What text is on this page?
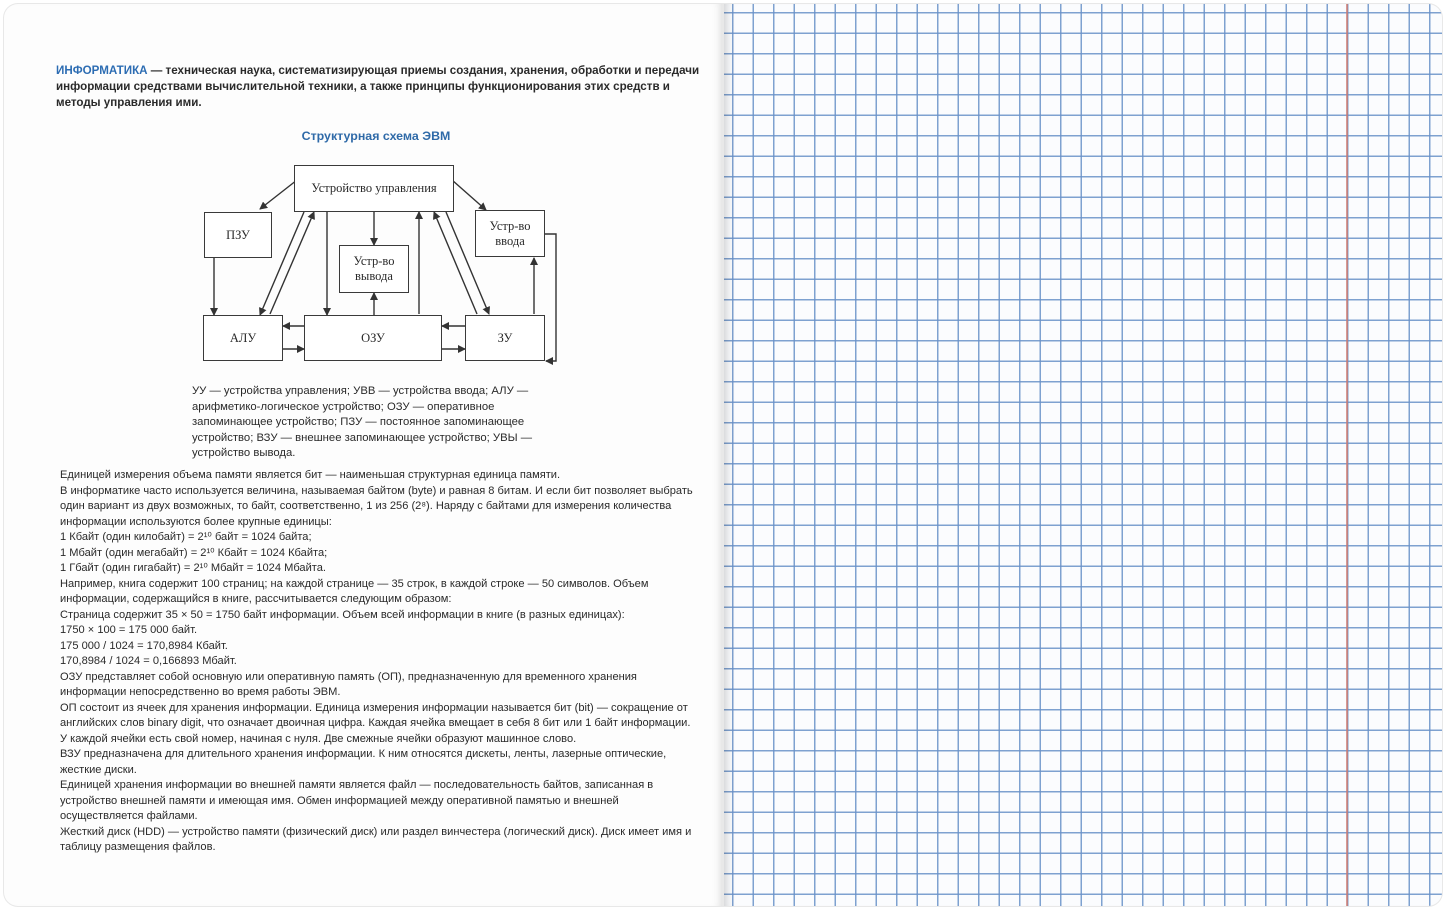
ИНФОРМАТИКА — техническая наука, систематизирующая приемы создания, хранения, обработки и передачи информации средствами вычислительной техники, а также принципы функционирования этих средств и методы управления ими.
Структурная схема ЭВМ
Устройство управления
ПЗУ
Устр-во
ввода
Устр-во
вывода
АЛУ	ОЗУ	ЗУ
УУ — устройства управления; УВВ — устройства ввода; АЛУ — арифметико-логическое устройство; ОЗУ — оперативное запоминающее устройство; ПЗУ — постоянное запоминающее устройство; ВЗУ — внешнее запоминающее устройство; УВЫ — устройство вывода.

Единицей измерения объема памяти является бит — наименьшая структурная единица памяти.

В информатике часто используется величина, называемая байтом (byte) и равная 8 битам. И если бит позволяет выбрать один вариант из двух возможных, то байт, соответственно, 1 из 256 (2⁸). Наряду с байтами для измерения количества информации используются более крупные единицы:

1 Кбайт (один килобайт) = 2¹⁰ байт = 1024 байта;

1 Мбайт (один мегабайт) = 2¹⁰ Кбайт = 1024 Кбайта;

1 Гбайт (один гигабайт) = 2¹⁰ Мбайт = 1024 Мбайта.

Например, книга содержит 100 страниц; на каждой странице — 35 строк, в каждой строке — 50 символов. Объем информации, содержащийся в книге, рассчитывается следующим образом:

Страница содержит 35 × 50 = 1750 байт информации. Объем всей информации в книге (в разных единицах):

1750 × 100 = 175 000 байт.

175 000 / 1024 = 170,8984 Кбайт.

170,8984 / 1024 = 0,166893 Мбайт.

ОЗУ представляет собой основную или оперативную память (ОП), предназначенную для временного хранения информации непосредственно во время работы ЭВМ.

ОП состоит из ячеек для хранения информации. Единица измерения информации называется бит (bit) — сокращение от английских слов binary digit, что означает двоичная цифра. Каждая ячейка вмещает в себя 8 бит или 1 байт информации. У каждой ячейки есть свой номер, начиная с нуля. Две смежные ячейки образуют машинное слово.

ВЗУ предназначена для длительного хранения информации. К ним относятся дискеты, ленты, лазерные оптические, жесткие диски.

Единицей хранения информации во внешней памяти является файл — последовательность байтов, записанная в устройство внешней памяти и имеющая имя. Обмен информацией между оперативной памятью и внешней осуществляется файлами.

Жесткий диск (HDD) — устройство памяти (физический диск) или раздел винчестера (логический диск). Диск имеет имя и таблицу размещения файлов.
